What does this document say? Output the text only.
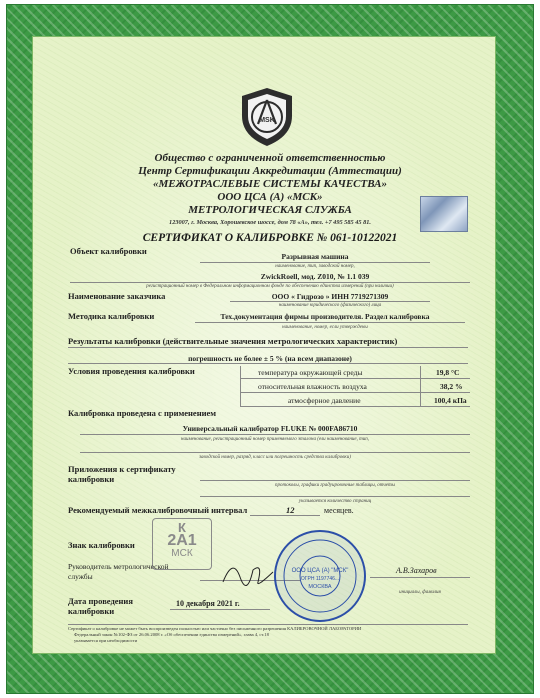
MSK
Общество с ограниченной ответственностью
Центр Сертификации Аккредитации (Аттестации)
«МЕЖОТРАСЛЕВЫЕ СИСТЕМЫ КАЧЕСТВА»
ООО ЦСА (А) «МСК»
МЕТРОЛОГИЧЕСКАЯ СЛУЖБА
123007, г. Москва, Хорошевское шоссе, дом 78 «А», тел. +7 495 585 45 81.
СЕРТИФИКАТ О КАЛИБРОВКЕ № 061-10122021
Объект калибровки
Разрывная машина
наименование, тип, заводской номер,
ZwickRoell, мод. Z010, № 1.1 039
регистрационный номер в Федеральном информационном фонде по обеспечению единства измерений (при наличии)
Наименование заказчика	ООО « Гидрозо » ИНН 7719271309
наименование юридического (физического) лица
Методика калибровки	Тех.документация фирмы производителя. Раздел калибровка
наименование, номер, если утверждены
Результаты калибровки (действительные значения метрологических характеристик)
погрешность не более ± 5 % (на всем диапазоне)
Условия проведения калибровки	температура окружающей среды	19,8 °C
относительная влажность воздуха	38,2 %
атмосферное давление	100,4 кПа
Калибровка проведена с применением
Универсальный калибратор FLUKE № 000FA86710
наименование, регистрационный номер применяемого эталона (ели наименование, тип,
заводской номер, разряд, класс или погрешность средства калибровки)
Приложения к сертификату калибровки
протоколы, графики градуировочные таблицы, отчеты
указывается количество страниц
Рекомендуемый межкалибровочный интервал	12	месяцев.
Знак калибровки
К
2А1
МСК
Руководитель метрологической службы
А.В.Захаров
инициалы, фамилия
ООО ЦСА (А) "МСК"
ОГРН 1197746...
МОСКВА
Дата проведения калибровки
10 декабря 2021 г.
Сертификат о калибровке не может быть воспроизведен полностью или частично без письменного разрешения КАЛИБРОВОЧНОЙ ЛАБОРАТОРИИ
Федеральный закон №102-ФЗ от 26.06.2008 г. «Об обеспечении единства измерений», глава 4, ст.18
указывается при необходимости
